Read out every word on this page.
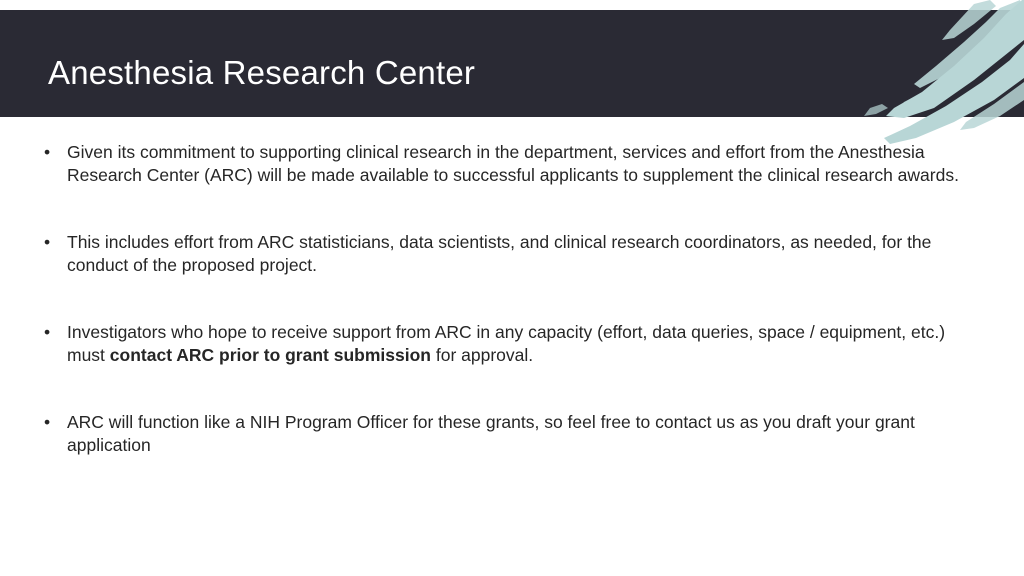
Anesthesia Research Center
• Given its commitment to supporting clinical research in the department, services and effort from the Anesthesia Research Center (ARC) will be made available to successful applicants to supplement the clinical research awards.
• This includes effort from ARC statisticians, data scientists, and clinical research coordinators, as needed, for the conduct of the proposed project.
• Investigators who hope to receive support from ARC in any capacity (effort, data queries, space / equipment, etc.) must contact ARC prior to grant submission for approval.
• ARC will function like a NIH Program Officer for these grants, so feel free to contact us as you draft your grant application
